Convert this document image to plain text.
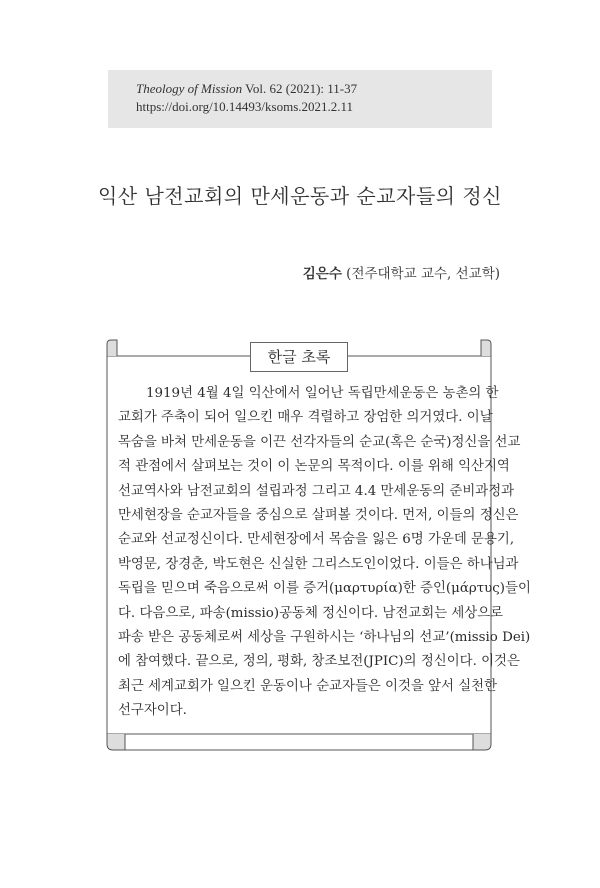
Theology of Mission Vol. 62 (2021): 11-37
https://doi.org/10.14493/ksoms.2021.2.11
익산 남전교회의 만세운동과 순교자들의 정신
김은수 (전주대학교 교수, 선교학)
한글 초록
1919년 4월 4일 익산에서 일어난 독립만세운동은 농촌의 한
교회가 주축이 되어 일으킨 매우 격렬하고 장엄한 의거였다. 이날
목숨을 바쳐 만세운동을 이끈 선각자들의 순교(혹은 순국)정신을 선교
적 관점에서 살펴보는 것이 이 논문의 목적이다. 이를 위해 익산지역
선교역사와 남전교회의 설립과정 그리고 4.4 만세운동의 준비과정과
만세현장을 순교자들을 중심으로 살펴볼 것이다. 먼저, 이들의 정신은
순교와 선교정신이다. 만세현장에서 목숨을 잃은 6명 가운데 문용기,
박영문, 장경춘, 박도현은 신실한 그리스도인이었다. 이들은 하나님과
독립을 믿으며 죽음으로써 이를 증거(μαρτυρία)한 증인(μάρτυς)들이
다. 다음으로, 파송(missio)공동체 정신이다. 남전교회는 세상으로
파송 받은 공동체로써 세상을 구원하시는 ‘하나님의 선교’(missio Dei)
에 참여했다. 끝으로, 정의, 평화, 창조보전(JPIC)의 정신이다. 이것은
최근 세계교회가 일으킨 운동이나 순교자들은 이것을 앞서 실천한
선구자이다.
